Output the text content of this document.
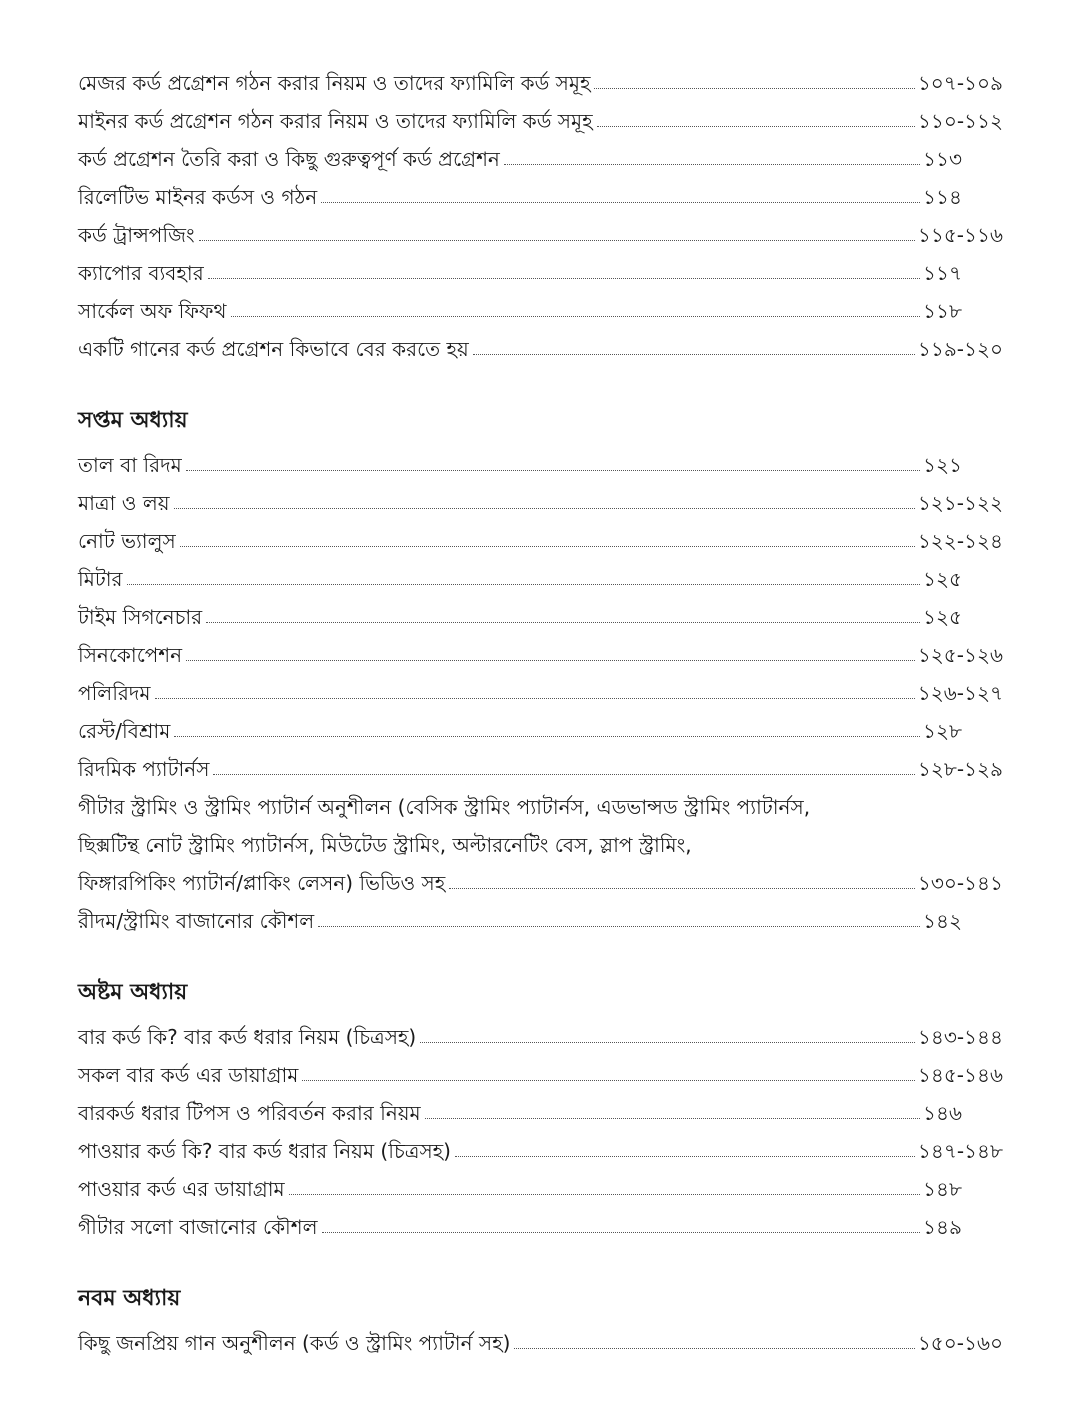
মেজর কর্ড প্রগ্রেশন গঠন করার নিয়ম ও তাদের ফ্যামিলি কর্ড সমূহ	১০৭-১০৯
মাইনর কর্ড প্রগ্রেশন গঠন করার নিয়ম ও তাদের ফ্যামিলি কর্ড সমূহ	১১০-১১২
কর্ড প্রগ্রেশন তৈরি করা ও কিছু গুরুত্বপূর্ণ কর্ড প্রগ্রেশন	১১৩
রিলেটিভ মাইনর কর্ডস ও গঠন	১১৪
কর্ড ট্রান্সপজিং	১১৫-১১৬
ক্যাপোর ব্যবহার	১১৭
সার্কেল অফ ফিফথ	১১৮
একটি গানের কর্ড প্রগ্রেশন কিভাবে বের করতে হয়	১১৯-১২০
সপ্তম অধ্যায়
তাল বা রিদম	১২১
মাত্রা ও লয়	১২১-১২২
নোট ভ্যালুস	১২২-১২৪
মিটার	১২৫
টাইম সিগনেচার	১২৫
সিনকোপেশন	১২৫-১২৬
পলিরিদম	১২৬-১২৭
রেস্ট/বিশ্রাম	১২৮
রিদমিক প্যাটার্নস	১২৮-১২৯
গীটার স্ট্রামিং ও স্ট্রামিং প্যাটার্ন অনুশীলন (বেসিক স্ট্রামিং প্যাটার্নস, এডভান্সড স্ট্রামিং প্যাটার্নস,
ছিক্সটিন্থ নোট স্ট্রামিং প্যাটার্নস, মিউটেড স্ট্রামিং, অল্টারনেটিং বেস, স্লাপ স্ট্রামিং,
ফিঙ্গারপিকিং প্যাটার্ন/প্লাকিং লেসন) ভিডিও সহ	১৩০-১৪১
রীদম/স্ট্রামিং বাজানোর কৌশল	১৪২
অষ্টম অধ্যায়
বার কর্ড কি? বার কর্ড ধরার নিয়ম (চিত্রসহ)	১৪৩-১৪৪
সকল বার কর্ড এর ডায়াগ্রাম	১৪৫-১৪৬
বারকর্ড ধরার টিপস ও পরিবর্তন করার নিয়ম	১৪৬
পাওয়ার কর্ড কি? বার কর্ড ধরার নিয়ম (চিত্রসহ)	১৪৭-১৪৮
পাওয়ার কর্ড এর ডায়াগ্রাম	১৪৮
গীটার সলো বাজানোর কৌশল	১৪৯
নবম অধ্যায়
কিছু জনপ্রিয় গান অনুশীলন (কর্ড ও স্ট্রামিং প্যাটার্ন সহ)	১৫০-১৬০
